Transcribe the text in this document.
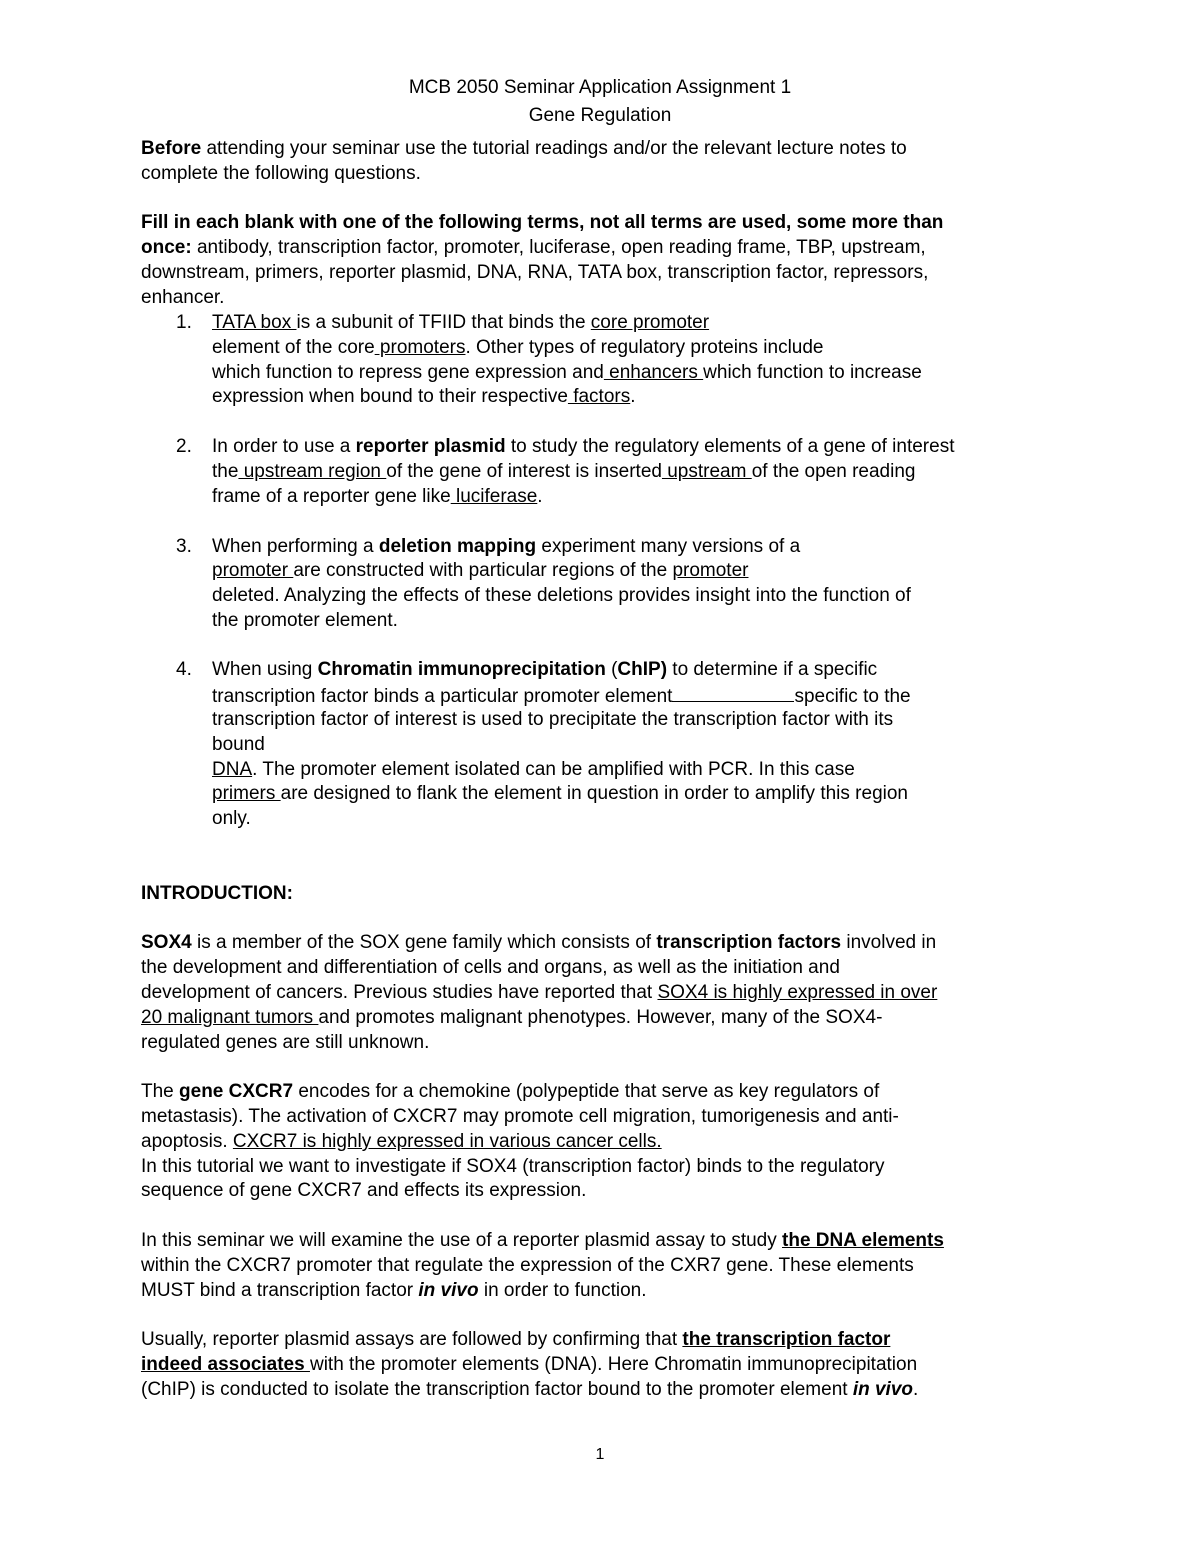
MCB 2050 Seminar Application Assignment 1
Gene Regulation
Before attending your seminar use the tutorial readings and/or the relevant lecture notes to
complete the following questions.
Fill in each blank with one of the following terms, not all terms are used, some more than
once: antibody, transcription factor, promoter, luciferase, open reading frame, TBP, upstream,
downstream, primers, reporter plasmid, DNA, RNA, TATA box, transcription factor, repressors,
enhancer.
1. TATA box is a subunit of TFIID that binds the core promoter
element of the core promoters. Other types of regulatory proteins include
which function to repress gene expression and enhancers which function to increase
expression when bound to their respective factors.
2. In order to use a reporter plasmid to study the regulatory elements of a gene of interest
the upstream region of the gene of interest is inserted upstream of the open reading
frame of a reporter gene like luciferase.
3. When performing a deletion mapping experiment many versions of a
promoter are constructed with particular regions of the promoter
deleted. Analyzing the effects of these deletions provides insight into the function of
the promoter element.
4. When using Chromatin immunoprecipitation (ChIP) to determine if a specific
transcription factor binds a particular promoter element	specific to the
transcription factor of interest is used to precipitate the transcription factor with its
bound
DNA. The promoter element isolated can be amplified with PCR. In this case
primers are designed to flank the element in question in order to amplify this region
only.
INTRODUCTION:
SOX4 is a member of the SOX gene family which consists of transcription factors involved in
the development and differentiation of cells and organs, as well as the initiation and
development of cancers. Previous studies have reported that SOX4 is highly expressed in over
20 malignant tumors and promotes malignant phenotypes. However, many of the SOX4-
regulated genes are still unknown.
The gene CXCR7 encodes for a chemokine (polypeptide that serve as key regulators of
metastasis). The activation of CXCR7 may promote cell migration, tumorigenesis and anti-
apoptosis. CXCR7 is highly expressed in various cancer cells.
In this tutorial we want to investigate if SOX4 (transcription factor) binds to the regulatory
sequence of gene CXCR7 and effects its expression.
In this seminar we will examine the use of a reporter plasmid assay to study the DNA elements
within the CXCR7 promoter that regulate the expression of the CXR7 gene. These elements
MUST bind a transcription factor in vivo in order to function.
Usually, reporter plasmid assays are followed by confirming that the transcription factor
indeed associates with the promoter elements (DNA). Here Chromatin immunoprecipitation
(ChIP) is conducted to isolate the transcription factor bound to the promoter element in vivo.
1
